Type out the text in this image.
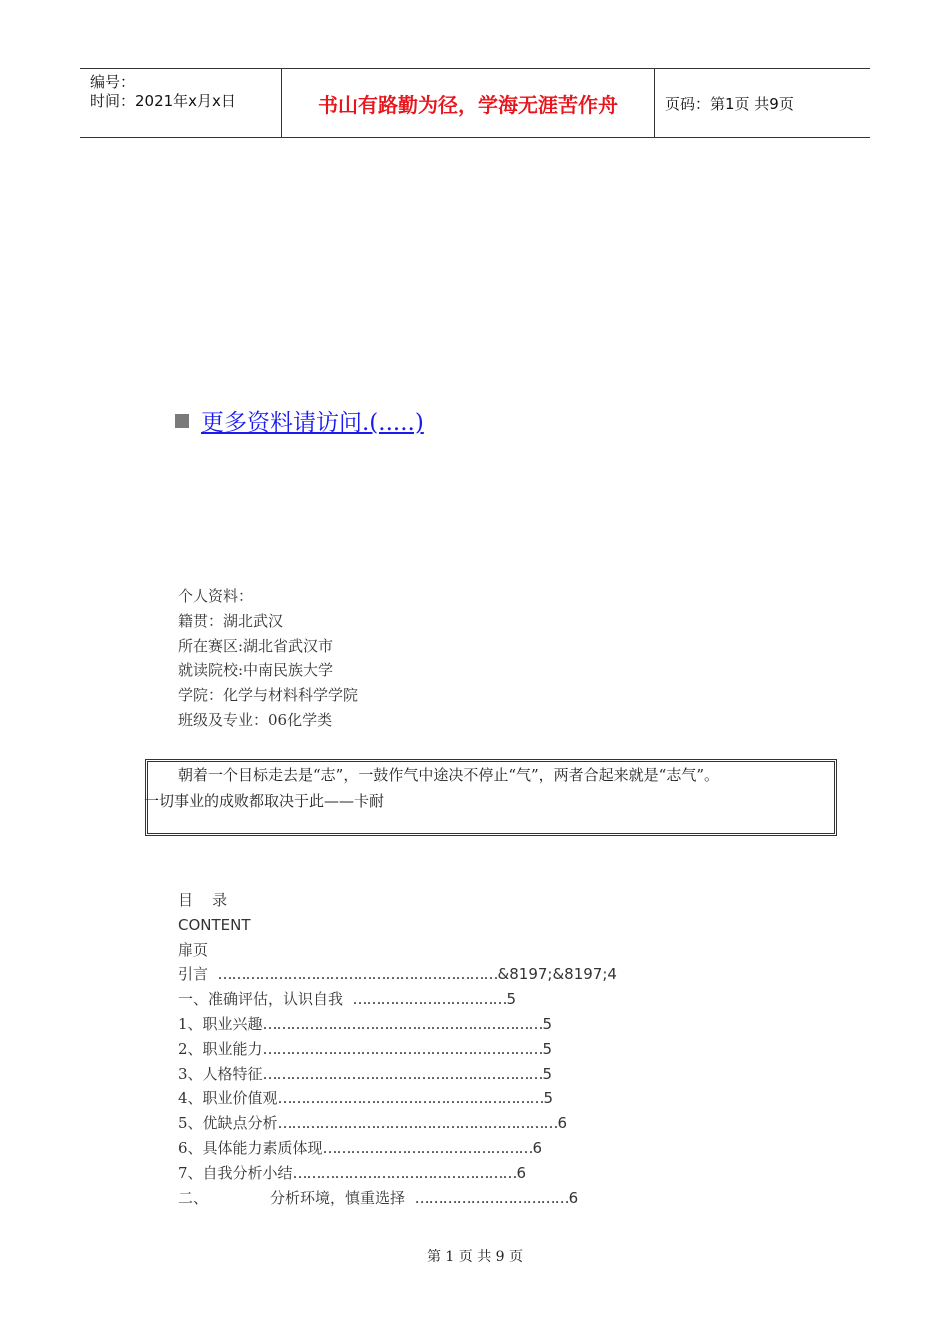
编号：
时间：2021年x月x日	书山有路勤为径，学海无涯苦作舟	页码：第1页 共9页
更多资料请访问.(.....)
个人资料：
籍贯：湖北武汉
所在赛区:湖北省武汉市
就读院校:中南民族大学
学院：化学与材料科学学院
班级及专业：06化学类
朝着一个目标走去是“志”，一鼓作气中途决不停止“气”，两者合起来就是“志气”。
一切事业的成败都取决于此——卡耐
目    录
CONTENT
扉页
引言  ……………………………………………………&8197;&8197;4
一、准确评估，认识自我  ……………………………5
1、职业兴趣……………………………………………………5
2、职业能力……………………………………………………5
3、人格特征……………………………………………………5
4、职业价值观…………………………………………………5
5、优缺点分析……………………………………………………6
6、具体能力素质体现………………………………………6
7、自我分析小结…………………………………………6
二、	分析环境，慎重选择  ……………………………6
第 1 页 共 9 页
